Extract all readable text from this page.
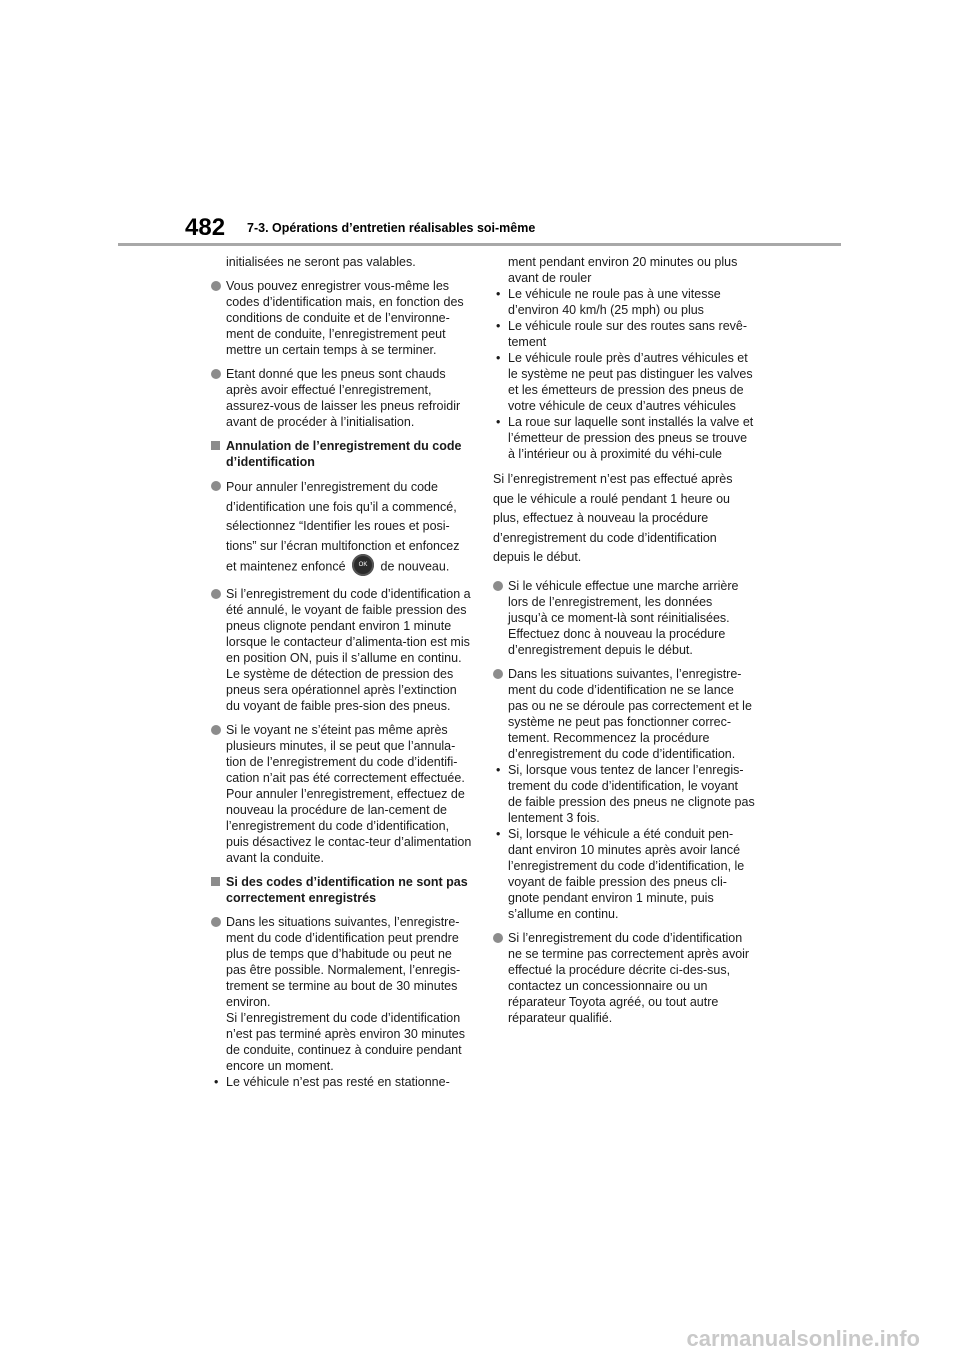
482 7-3. Opérations d’entretien réalisables soi-même

initialisées ne seront pas valables.

Vous pouvez enregistrer vous-même les codes d’identification mais, en fonction des conditions de conduite et de l’environne-ment de conduite, l’enregistrement peut mettre un certain temps à se terminer.
Etant donné que les pneus sont chauds après avoir effectué l’enregistrement, assurez-vous de laisser les pneus refroidir avant de procéder à l’initialisation.
Annulation de l’enregistrement du code d’identification
Pour annuler l’enregistrement du code d’identification une fois qu’il a commencé, sélectionnez “Identifier les roues et posi-tions” sur l’écran multifonction et enfoncez et maintenez enfoncé OK de nouveau.
Si l’enregistrement du code d’identification a été annulé, le voyant de faible pression des pneus clignote pendant environ 1 minute lorsque le contacteur d’alimenta-tion est mis en position ON, puis il s’allume en continu. Le système de détection de pression des pneus sera opérationnel après l’extinction du voyant de faible pres-sion des pneus.
Si le voyant ne s’éteint pas même après plusieurs minutes, il se peut que l’annula-tion de l’enregistrement du code d’identifi-cation n’ait pas été correctement effectuée. Pour annuler l’enregistrement, effectuez de nouveau la procédure de lan-cement de l’enregistrement du code d’identification, puis désactivez le contac-teur d’alimentation avant la conduite.
Si des codes d’identification ne sont pas correctement enregistrés
Dans les situations suivantes, l’enregistre-ment du code d’identification peut prendre plus de temps que d’habitude ou peut ne pas être possible. Normalement, l’enregis-trement se termine au bout de 30 minutes environ.
Si l’enregistrement du code d’identification n’est pas terminé après environ 30 minutes de conduite, continuez à conduire pendant encore un moment.
• Le véhicule n’est pas resté en stationne-
ment pendant environ 20 minutes ou plus avant de rouler
• Le véhicule ne roule pas à une vitesse d’environ 40 km/h (25 mph) ou plus
• Le véhicule roule sur des routes sans revê-tement
• Le véhicule roule près d’autres véhicules et le système ne peut pas distinguer les valves et les émetteurs de pression des pneus de votre véhicule de ceux d’autres véhicules
• La roue sur laquelle sont installés la valve et l’émetteur de pression des pneus se trouve à l’intérieur ou à proximité du véhi-cule

Si l’enregistrement n’est pas effectué après que le véhicule a roulé pendant 1 heure ou plus, effectuez à nouveau la procédure d’enregistrement du code d’identification depuis le début.

Si le véhicule effectue une marche arrière lors de l’enregistrement, les données jusqu’à ce moment-là sont réinitialisées. Effectuez donc à nouveau la procédure d’enregistrement depuis le début.
Dans les situations suivantes, l’enregistre-ment du code d’identification ne se lance pas ou ne se déroule pas correctement et le système ne peut pas fonctionner correc-tement. Recommencez la procédure d’enregistrement du code d’identification.
• Si, lorsque vous tentez de lancer l’enregis-trement du code d’identification, le voyant de faible pression des pneus ne clignote pas lentement 3 fois.
• Si, lorsque le véhicule a été conduit pen-dant environ 10 minutes après avoir lancé l’enregistrement du code d’identification, le voyant de faible pression des pneus cli-gnote pendant environ 1 minute, puis s’allume en continu.
Si l’enregistrement du code d’identification ne se termine pas correctement après avoir effectué la procédure décrite ci-des-sus, contactez un concessionnaire ou un réparateur Toyota agréé, ou tout autre réparateur qualifié.
carmanualsonline.info
